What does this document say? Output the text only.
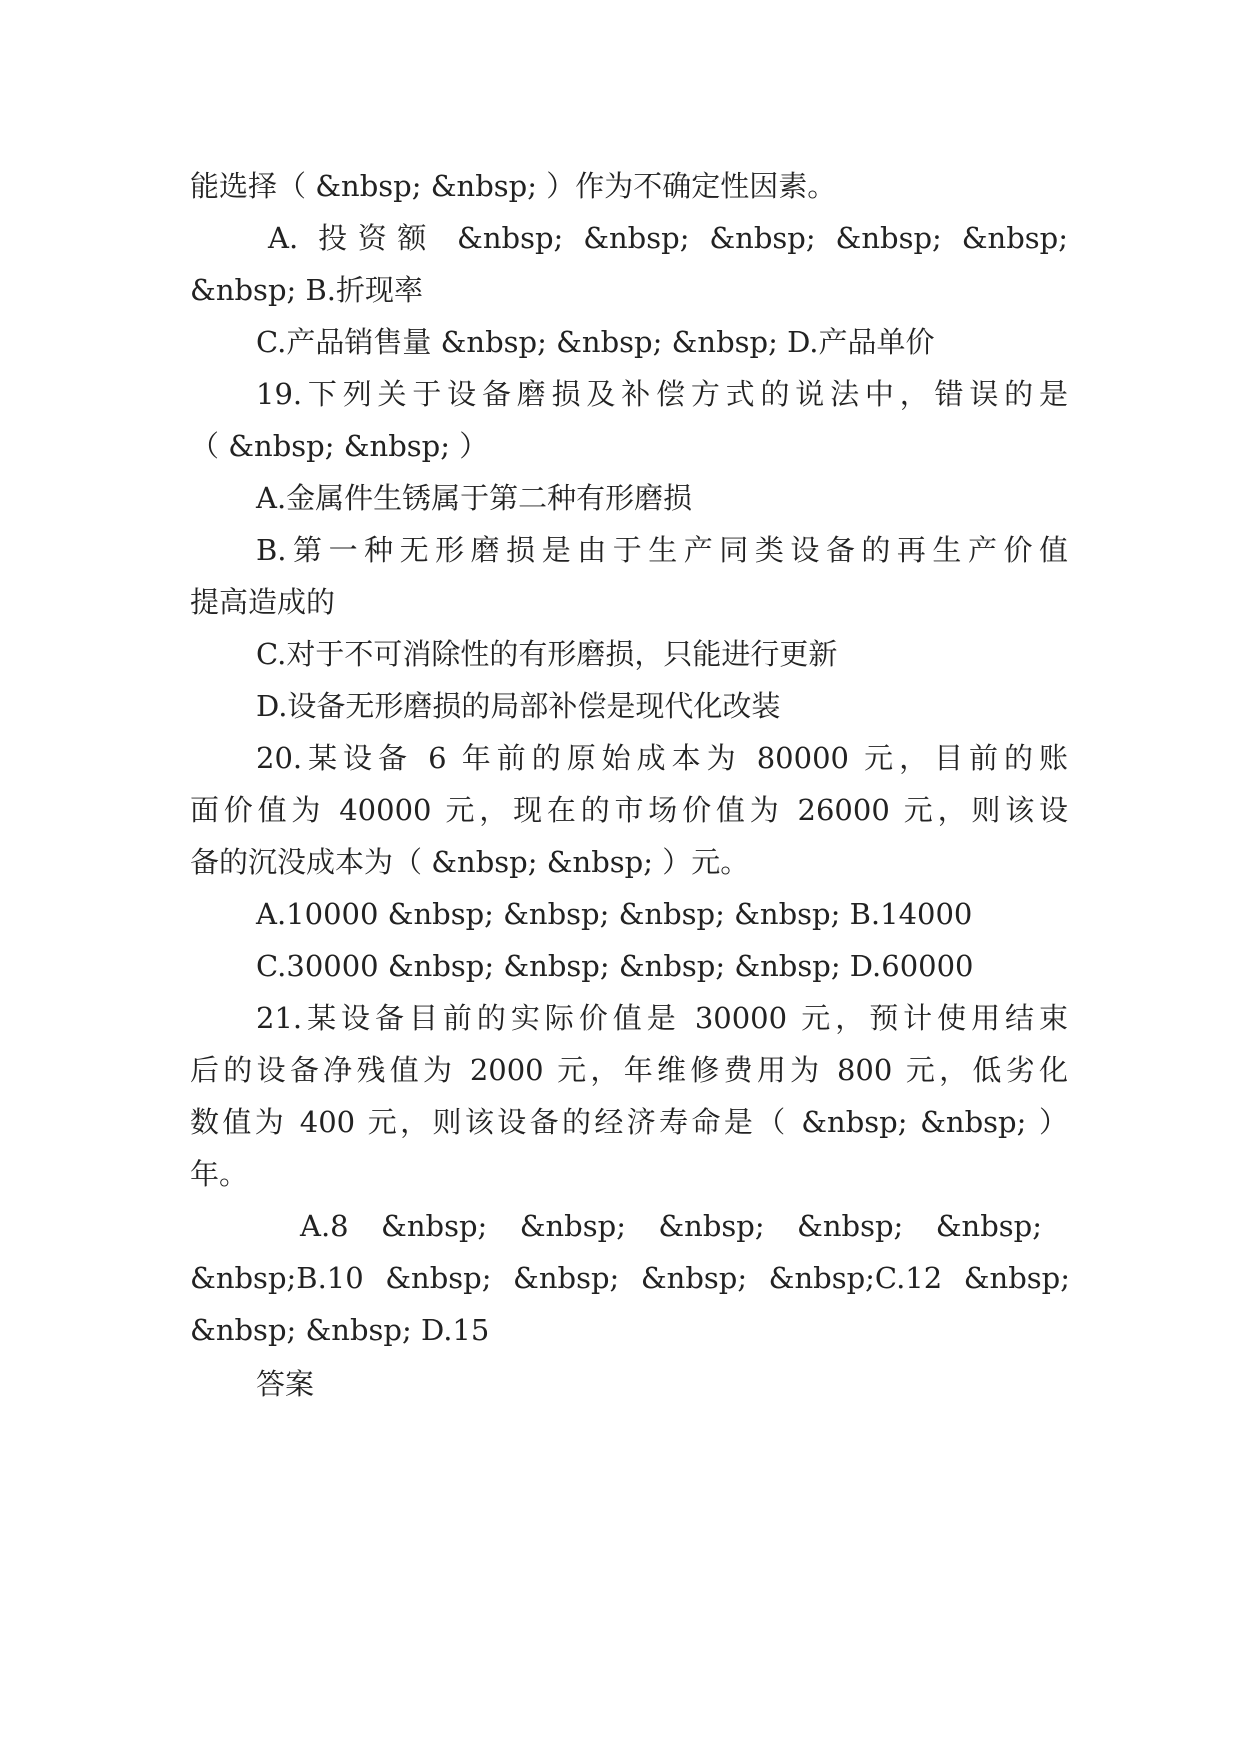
能选择（ &nbsp; &nbsp; ）作为不确定性因素。
A. 投资额 &nbsp; &nbsp; &nbsp; &nbsp; &nbsp;
&nbsp; B.折现率
C.产品销售量 &nbsp; &nbsp; &nbsp; D.产品单价
19.下列关于设备磨损及补偿方式的说法中，错误的是
（ &nbsp; &nbsp; ）
A.金属件生锈属于第二种有形磨损
B.第一种无形磨损是由于生产同类设备的再生产价值
提高造成的
C.对于不可消除性的有形磨损，只能进行更新
D.设备无形磨损的局部补偿是现代化改装
20.某设备 6 年前的原始成本为 80000 元，目前的账
面价值为 40000 元，现在的市场价值为 26000 元，则该设
备的沉没成本为（ &nbsp; &nbsp; ）元。
A.10000 &nbsp; &nbsp; &nbsp; &nbsp; B.14000
C.30000 &nbsp; &nbsp; &nbsp; &nbsp; D.60000
21.某设备目前的实际价值是 30000 元，预计使用结束
后的设备净残值为 2000 元，年维修费用为 800 元，低劣化
数值为 400 元，则该设备的经济寿命是（ &nbsp; &nbsp; ）
年。
A.8 &nbsp; &nbsp; &nbsp; &nbsp; &nbsp;
&nbsp;B.10 &nbsp; &nbsp; &nbsp; &nbsp;C.12 &nbsp;
&nbsp; &nbsp; D.15
答案
